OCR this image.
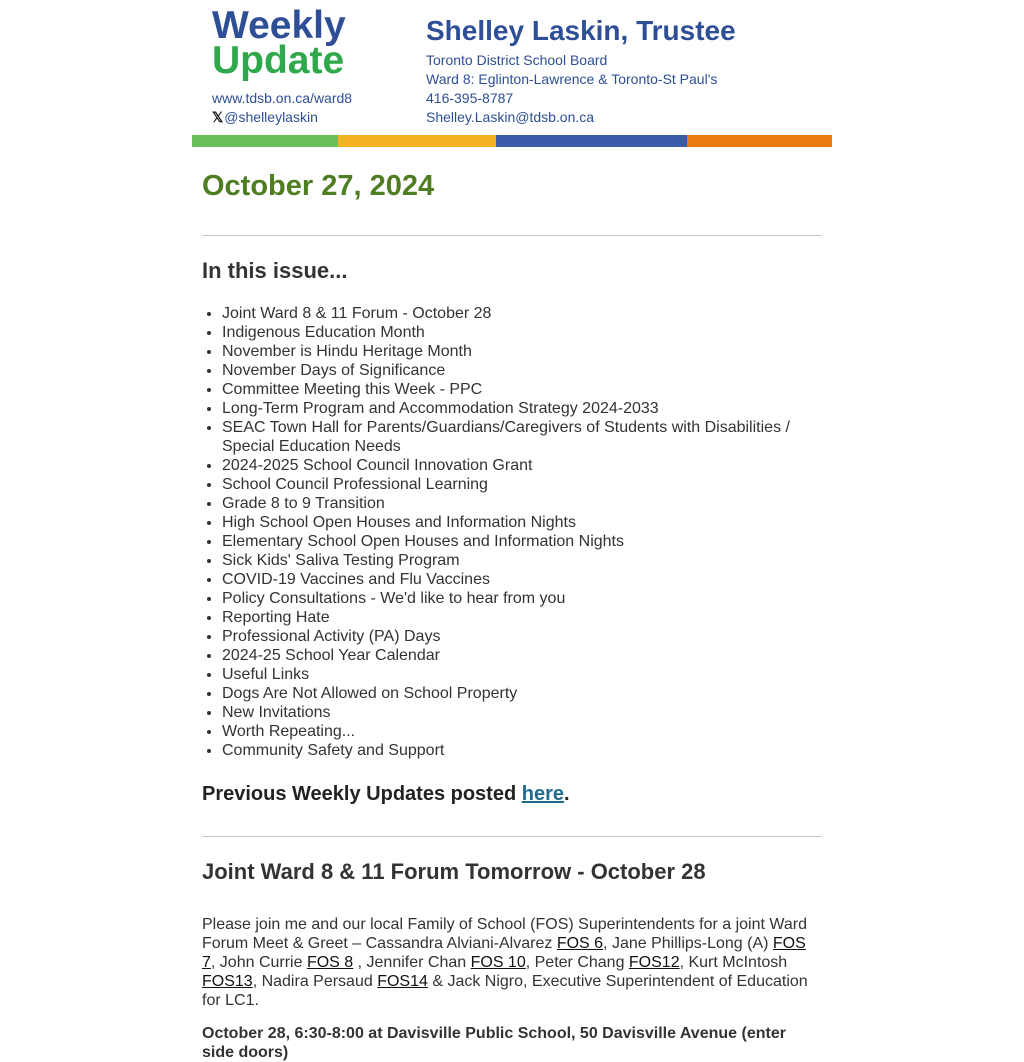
Weekly
Update
www.tdsb.on.ca/ward8
𝕏 @shelleylaskin
Shelley Laskin, Trustee
Toronto District School Board
Ward 8: Eglinton-Lawrence & Toronto-St Paul's
416-395-8787
Shelley.Laskin@tdsb.on.ca
October 27, 2024
In this issue...
• Joint Ward 8 & 11 Forum - October 28
• Indigenous Education Month
• November is Hindu Heritage Month
• November Days of Significance
• Committee Meeting this Week - PPC
• Long-Term Program and Accommodation Strategy 2024-2033
• SEAC Town Hall for Parents/Guardians/Caregivers of Students with Disabilities / Special Education Needs
• 2024-2025 School Council Innovation Grant
• School Council Professional Learning
• Grade 8 to 9 Transition
• High School Open Houses and Information Nights
• Elementary School Open Houses and Information Nights
• Sick Kids' Saliva Testing Program
• COVID-19 Vaccines and Flu Vaccines
• Policy Consultations - We'd like to hear from you
• Reporting Hate
• Professional Activity (PA) Days
• 2024-25 School Year Calendar
• Useful Links
• Dogs Are Not Allowed on School Property
• New Invitations
• Worth Repeating...
• Community Safety and Support
Previous Weekly Updates posted here.
Joint Ward 8 & 11 Forum Tomorrow - October 28

Please join me and our local Family of School (FOS) Superintendents for a joint Ward Forum Meet & Greet – Cassandra Alviani-Alvarez FOS 6, Jane Phillips-Long (A) FOS 7, John Currie FOS 8 , Jennifer Chan FOS 10, Peter Chang FOS12, Kurt McIntosh FOS13, Nadira Persaud FOS14 & Jack Nigro, Executive Superintendent of Education for LC1.

October 28, 6:30-8:00 at Davisville Public School, 50 Davisville Avenue (enter side doors)
